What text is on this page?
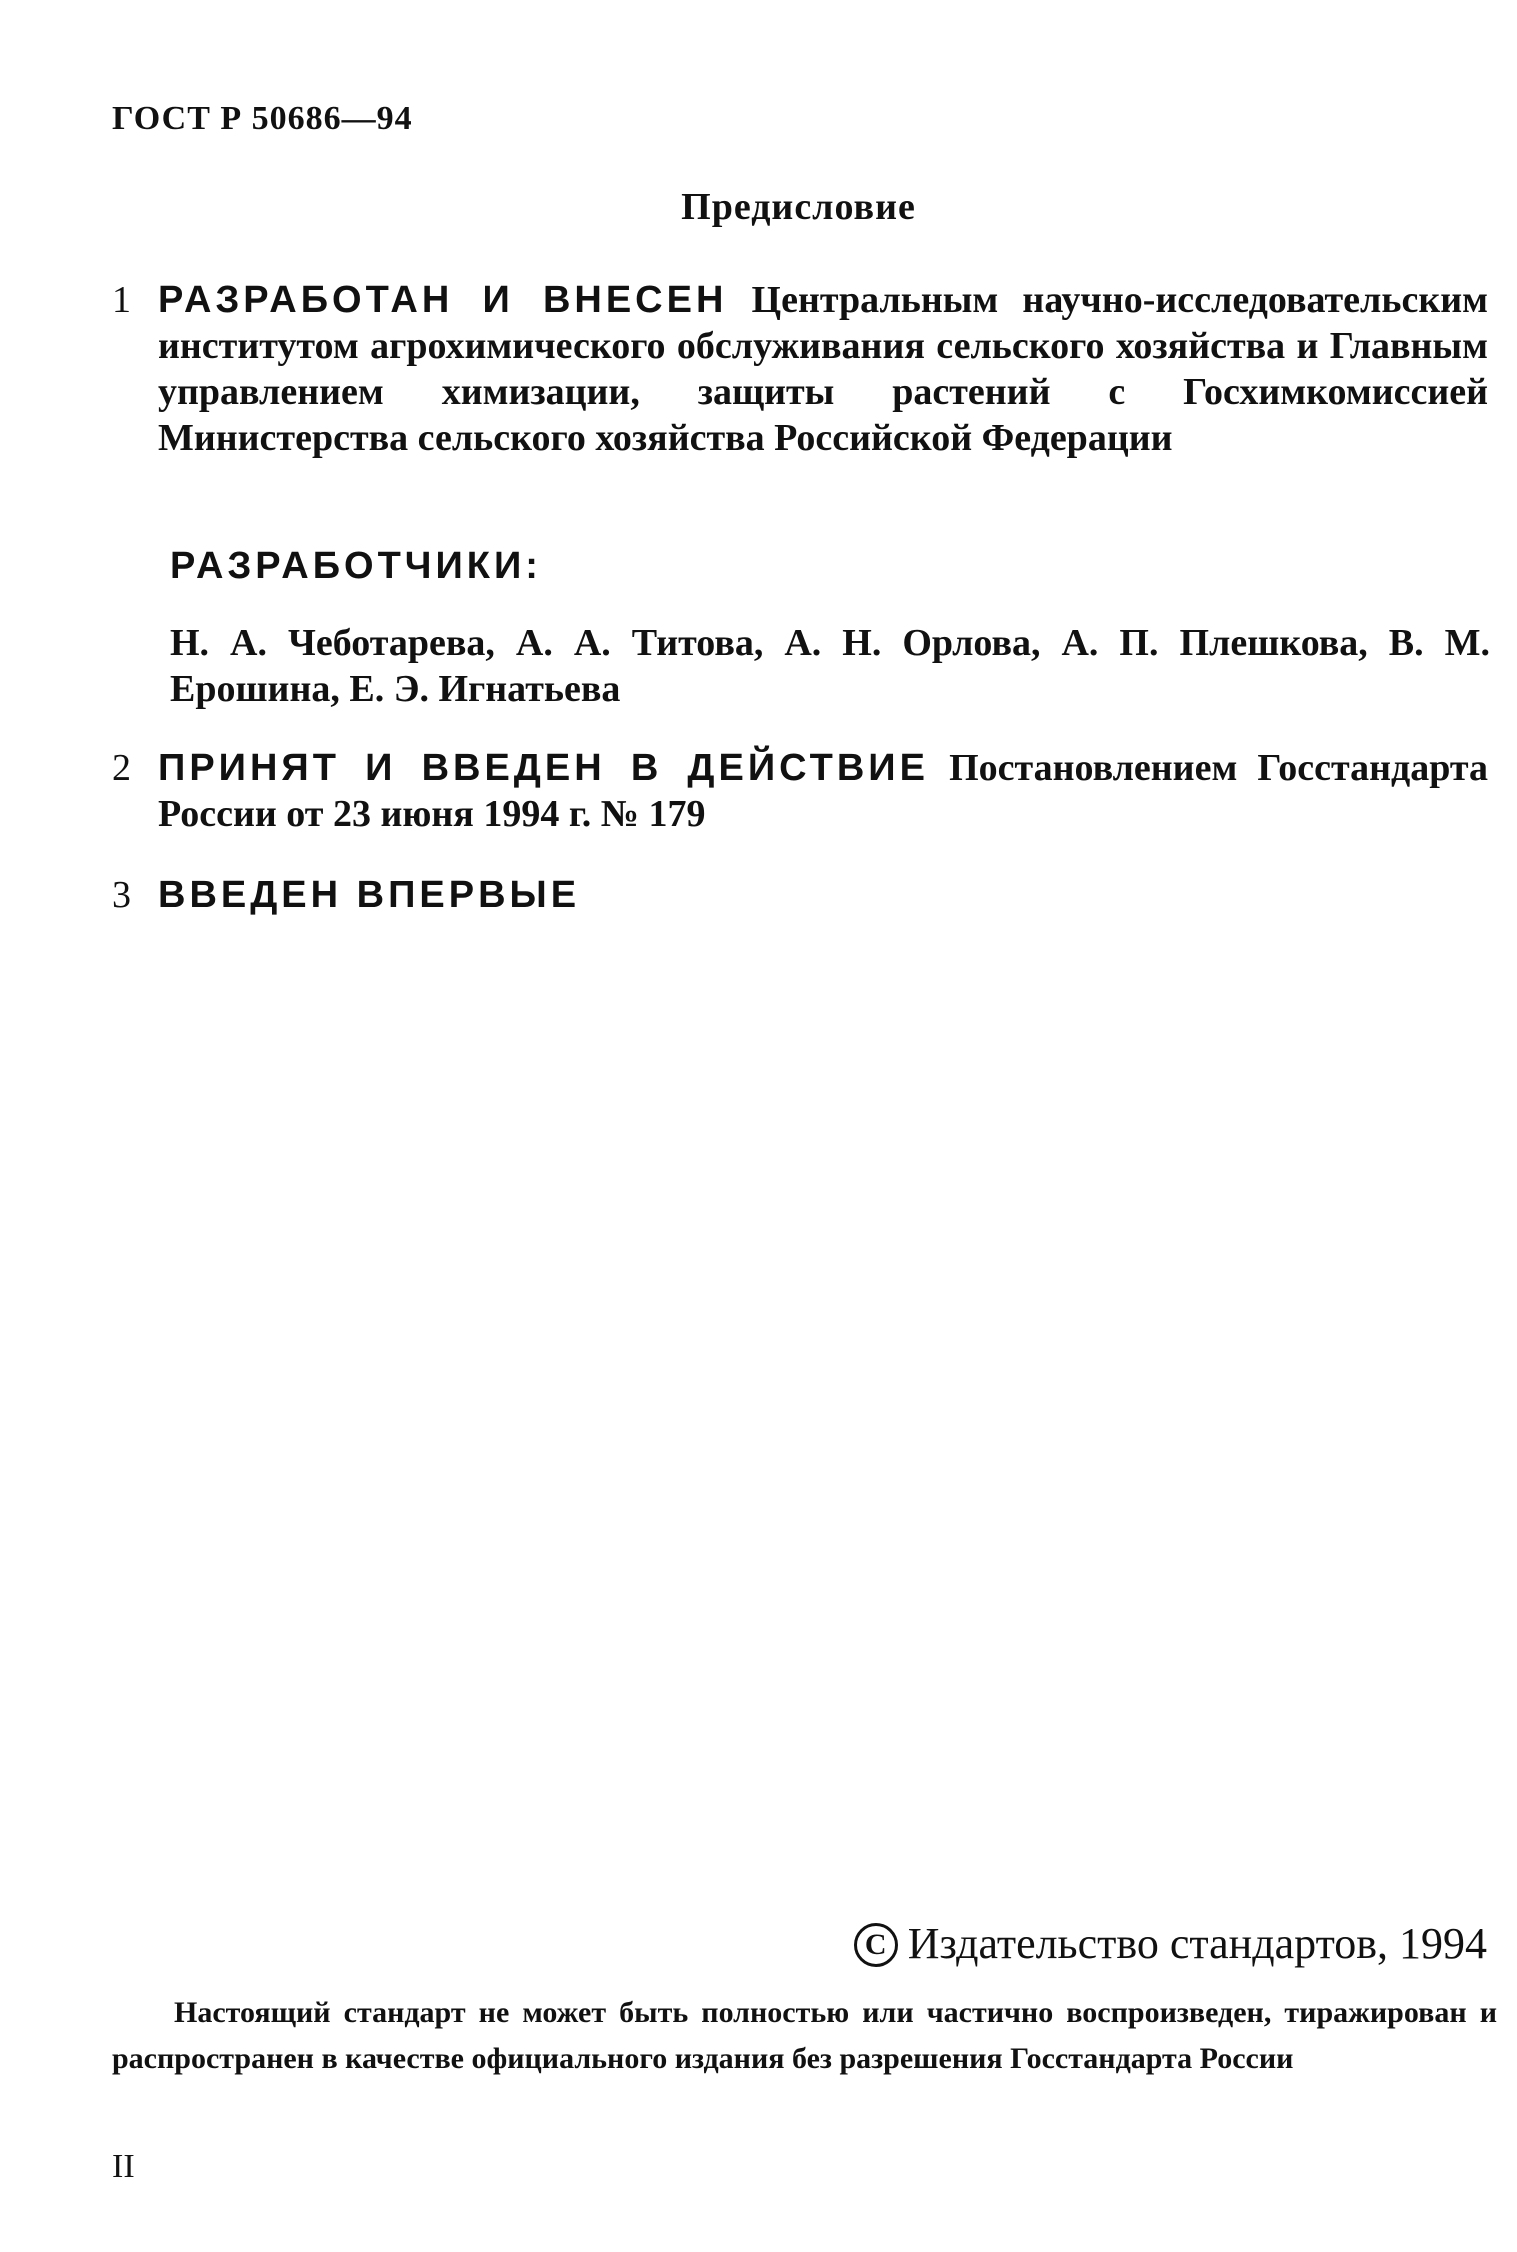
ГОСТ Р 50686—94
Предисловие
1 РАЗРАБОТАН И ВНЕСЕН Центральным научно-исследовательским институтом агрохимического обслуживания сельского хозяйства и Главным управлением химизации, защиты растений с Госхимкомиссией Министерства сельского хозяйства Российской Федерации
РАЗРАБОТЧИКИ:
Н. А. Чеботарева, А. А. Титова, А. Н. Орлова, А. П. Плешкова, В. М. Ерошина, Е. Э. Игнатьева
2 ПРИНЯТ И ВВЕДЕН В ДЕЙСТВИЕ Постановлением Госстандарта России от 23 июня 1994 г. № 179
3 ВВЕДЕН ВПЕРВЫЕ
C Издательство стандартов, 1994
Настоящий стандарт не может быть полностью или частично воспроизведен, тиражирован и распространен в качестве официального издания без разрешения Госстандарта России
II
